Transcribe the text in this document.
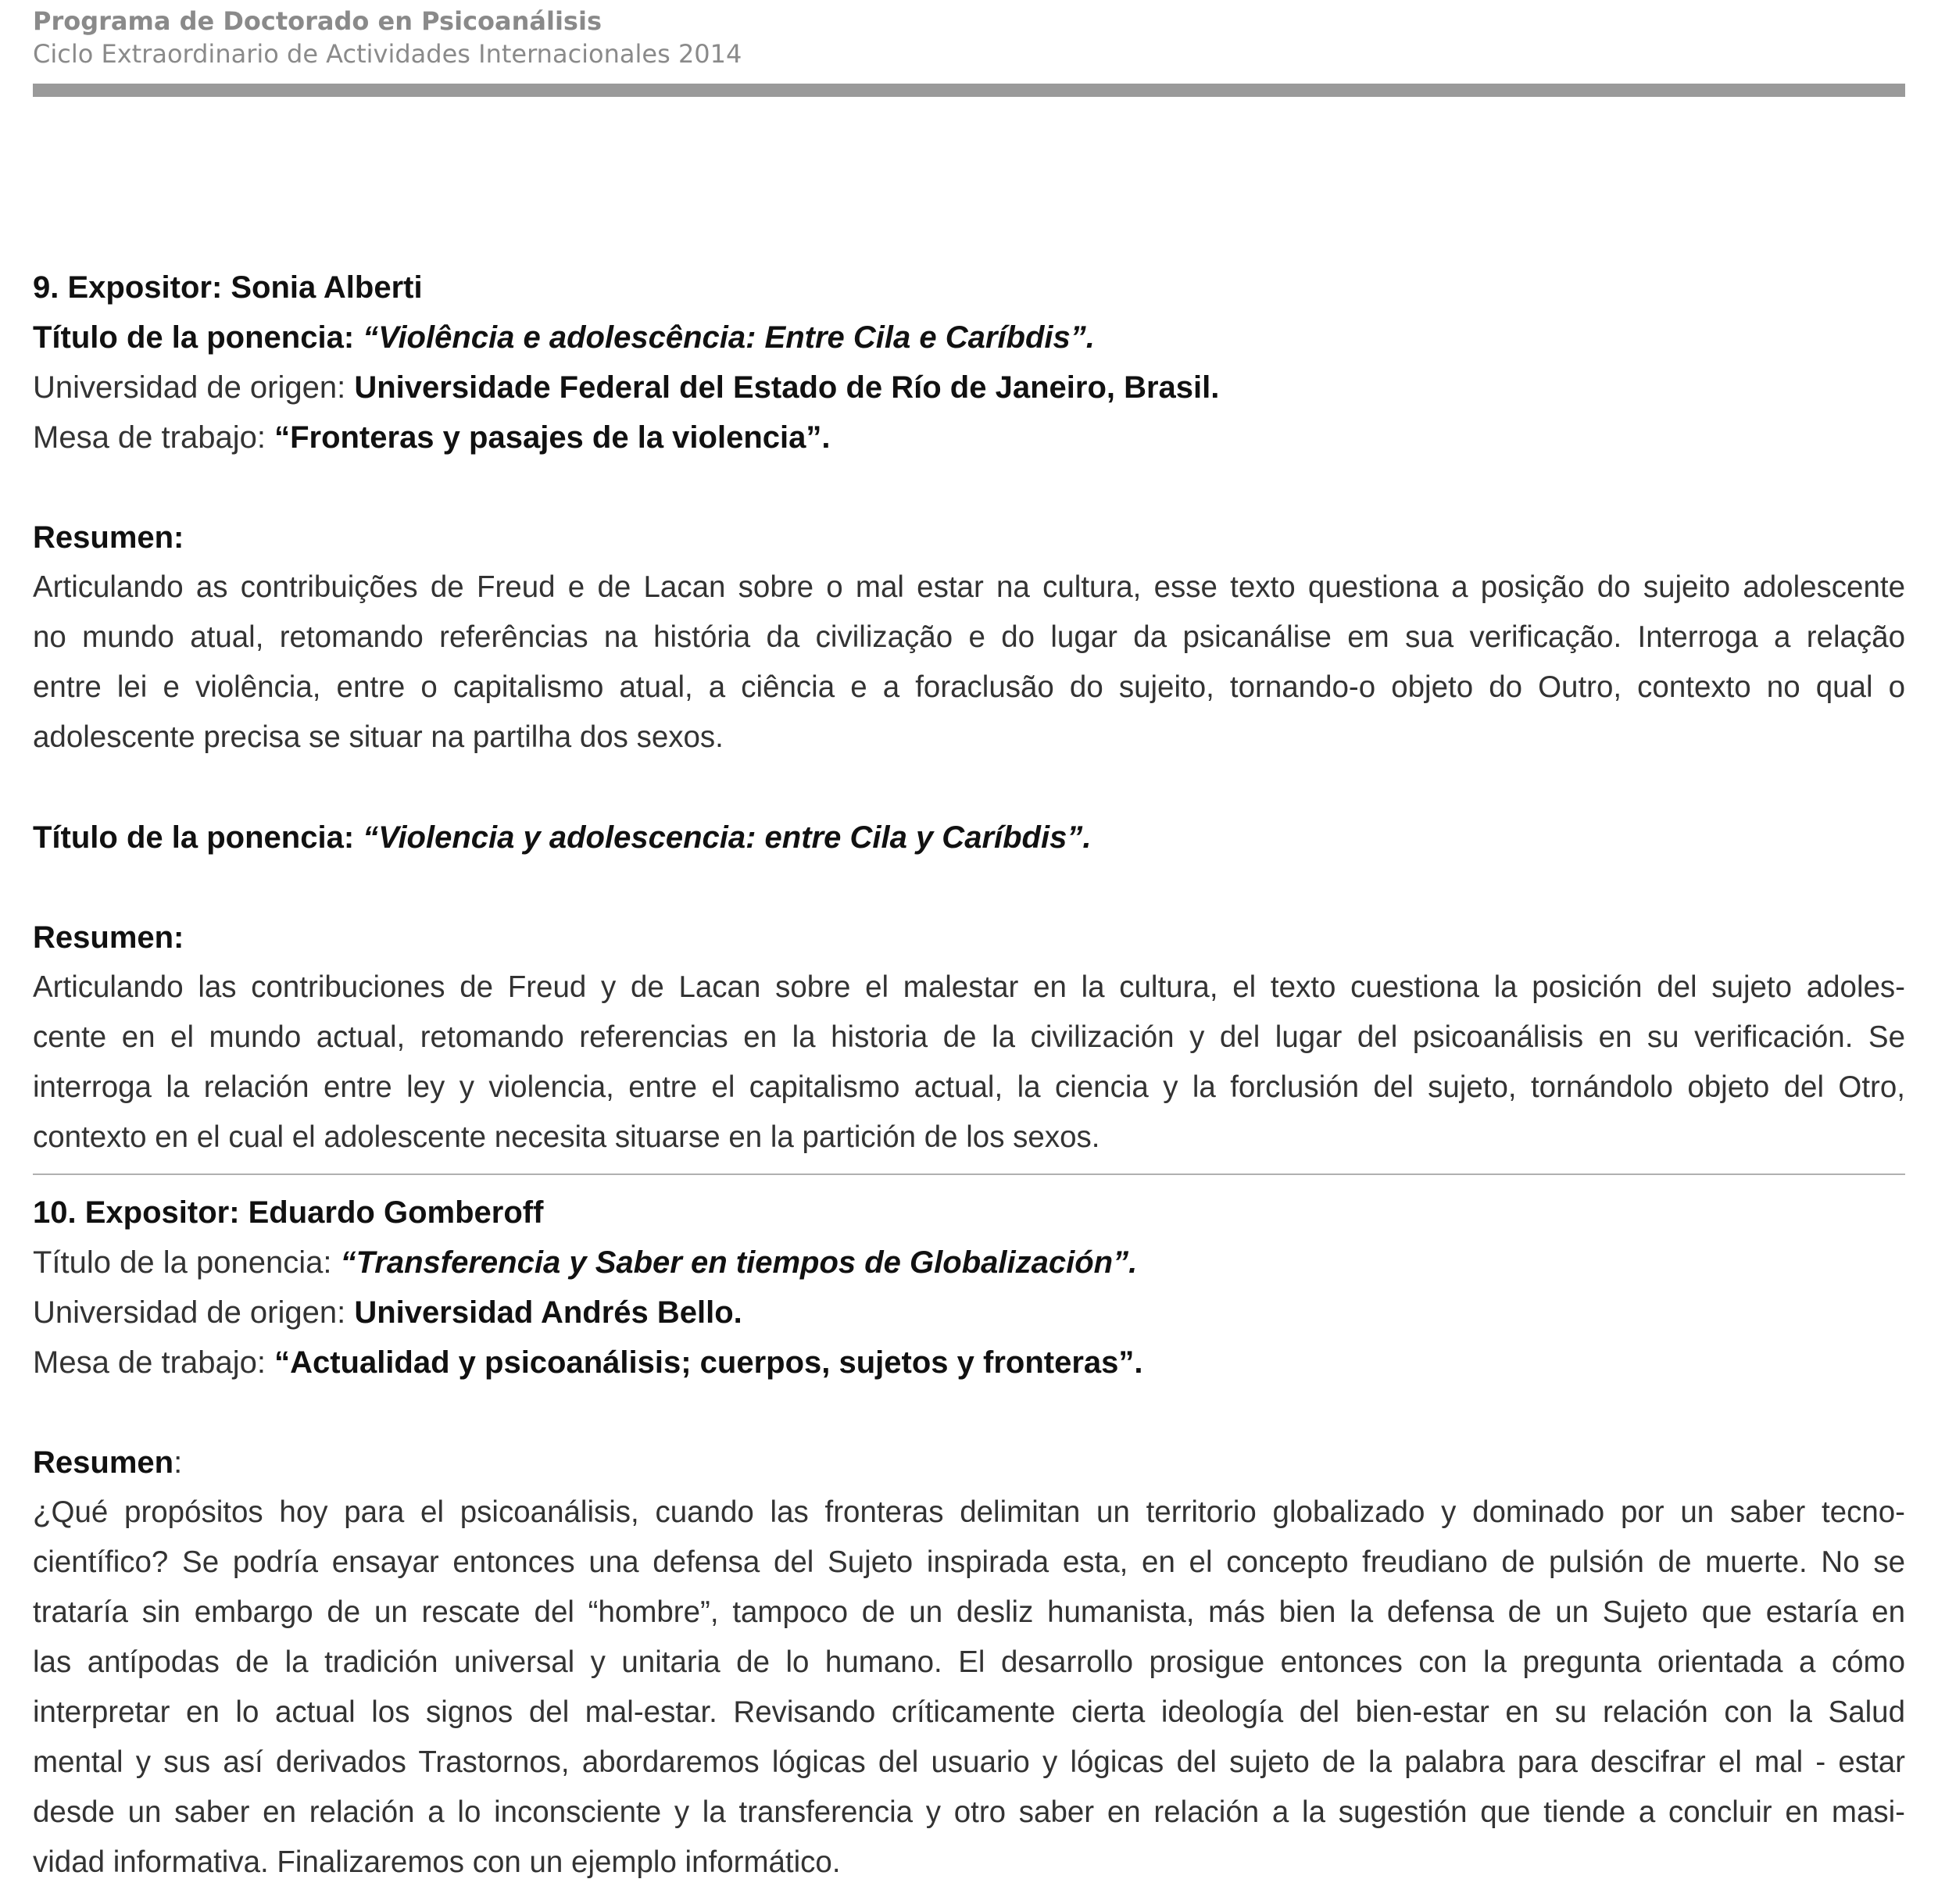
Programa de Doctorado en Psicoanálisis
Ciclo Extraordinario de Actividades Internacionales 2014
9. Expositor: Sonia Alberti
Título de la ponencia: “Violência e adolescência: Entre Cila e Caríbdis”.
Universidad de origen: Universidade Federal del Estado de Río de Janeiro, Brasil.
Mesa de trabajo: “Fronteras y pasajes de la violencia”.
Resumen:
Articulando as contribuições de Freud e de Lacan sobre o mal estar na cultura, esse texto questiona a posição do sujeito adolescente
no mundo atual, retomando referências na história da civilização e do lugar da psicanálise em sua verificação. Interroga a relação
entre lei e violência, entre o capitalismo atual, a ciência e a foraclusão do sujeito, tornando-o objeto do Outro, contexto no qual o
adolescente precisa se situar na partilha dos sexos.
Título de la ponencia: “Violencia y adolescencia: entre Cila y Caríbdis”.
Resumen:
Articulando las contribuciones de Freud y de Lacan sobre el malestar en la cultura, el texto cuestiona la posición del sujeto adoles-
cente en el mundo actual, retomando referencias en la historia de la civilización y del lugar del psicoanálisis en su verificación. Se
interroga la relación entre ley y violencia, entre el capitalismo actual, la ciencia y la forclusión del sujeto, tornándolo objeto del Otro,
contexto en el cual el adolescente necesita situarse en la partición de los sexos.
10. Expositor: Eduardo Gomberoff
Título de la ponencia: “Transferencia y Saber en tiempos de Globalización”.
Universidad de origen: Universidad Andrés Bello.
Mesa de trabajo: “Actualidad y psicoanálisis; cuerpos, sujetos y fronteras”.
Resumen:
¿Qué propósitos hoy para el psicoanálisis, cuando las fronteras delimitan un territorio globalizado y dominado por un saber tecno-
científico? Se podría ensayar entonces una defensa del Sujeto inspirada esta, en el concepto freudiano de pulsión de muerte. No se
trataría sin embargo de un rescate del “hombre”, tampoco de un desliz humanista, más bien la defensa de un Sujeto que estaría en
las antípodas de la tradición universal y unitaria de lo humano. El desarrollo prosigue entonces con la pregunta orientada a cómo
interpretar en lo actual los signos del mal-estar. Revisando críticamente cierta ideología del bien-estar en su relación con la Salud
mental y sus así derivados Trastornos, abordaremos lógicas del usuario y lógicas del sujeto de la palabra para descifrar el mal - estar
desde un saber en relación a lo inconsciente y la transferencia y otro saber en relación a la sugestión que tiende a concluir en masi-
vidad informativa. Finalizaremos con un ejemplo informático.
